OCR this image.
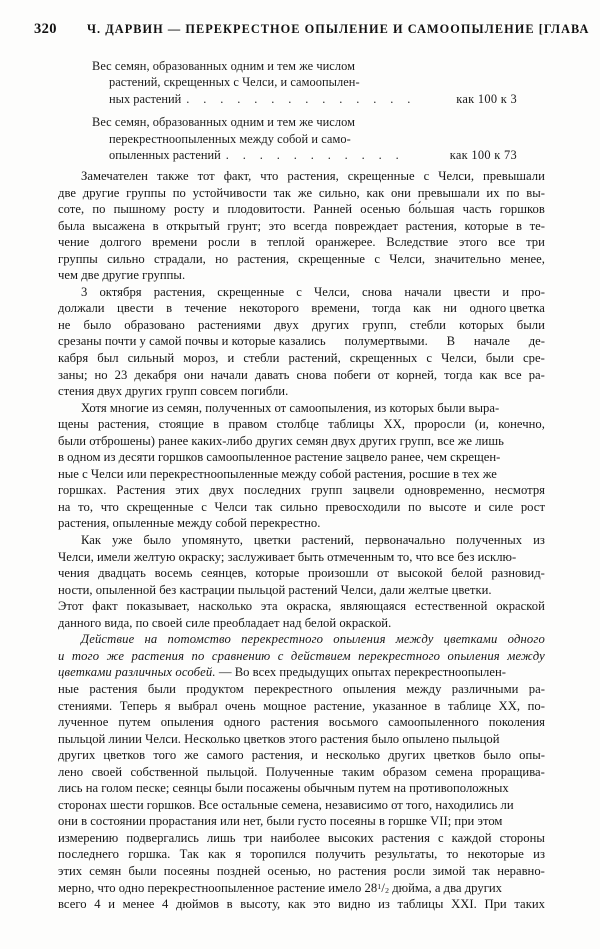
320 Ч. ДАРВИН — ПЕРЕКРЕСТНОЕ ОПЫЛЕНИЕ И САМООПЫЛЕНИЕ [ГЛАВА
Вес семян, образованных одним и тем же числом
растений, скрещенных с Челси, и самоопылен-
ных растений . . . . . . . . . . . . . .	как 100 к 3
Вес семян, образованных одним и тем же числом
перекрестноопыленных между собой и само-
опыленных растений . . . . . . . . . . .	как 100 к 73
Замечателен также тот факт, что растения, скрещенные с Челси, превышали
две другие группы по устойчивости так же сильно, как они превышали их по вы-
соте, по пышному росту и плодовитости. Ранней осенью бо́льшая часть горшков
была высажена в открытый грунт; это всегда повреждает растения, которые в те-
чение долгого времени росли в теплой оранжерее. Вследствие этого все три
группы сильно страдали, но растения, скрещенные с Челси, значительно менее,
чем две другие группы.
3 октября растения, скрещенные с Челси, снова начали цвести и про-
должали цвести в течение некоторого времени, тогда как ни одного цветка
не было образовано растениями двух других групп, стебли которых были
срезаны почти у самой почвы и которые казались полумертвыми. В начале де-
кабря был сильный мороз, и стебли растений, скрещенных с Челси, были сре-
заны; но 23 декабря они начали давать снова побеги от корней, тогда как все ра-
стения двух других групп совсем погибли.
Хотя многие из семян, полученных от самоопыления, из которых были выра-
щены растения, стоящие в правом столбце таблицы XX, проросли (и, конечно,
были отброшены) ранее каких-либо других семян двух других групп, все же лишь
в одном из десяти горшков самоопыленное растение зацвело ранее, чем скрещен-
ные с Челси или перекрестноопыленные между собой растения, росшие в тех же
горшках. Растения этих двух последних групп зацвели одновременно, несмотря
на то, что скрещенные с Челси так сильно превосходили по высоте и силе рост
растения, опыленные между собой перекрестно.
Как уже было упомянуто, цветки растений, первоначально полученных из
Челси, имели желтую окраску; заслуживает быть отмеченным то, что все без исклю-
чения двадцать восемь сеянцев, которые произошли от высокой белой разновид-
ности, опыленной без кастрации пыльцой растений Челси, дали желтые цветки.
Этот факт показывает, насколько эта окраска, являющаяся естественной окраской
данного вида, по своей силе преобладает над белой окраской.
Действие на потомство перекрестного опыления между цветками одного
и того же растения по сравнению с действием перекрестного опыления между
цветками различных особей. — Во всех предыдущих опытах перекрестноопылен-
ные растения были продуктом перекрестного опыления между различными ра-
стениями. Теперь я выбрал очень мощное растение, указанное в таблице XX, по-
лученное путем опыления одного растения восьмого самоопыленного поколения
пыльцой линии Челси. Несколько цветков этого растения было опылено пыльцой
других цветков того же самого растения, и несколько других цветков было опы-
лено своей собственной пыльцой. Полученные таким образом семена проращива-
лись на голом песке; сеянцы были посажены обычным путем на противоположных
сторонах шести горшков. Все остальные семена, независимо от того, находились ли
они в состоянии прорастания или нет, были густо посеяны в горшке VII; при этом
измерению подвергались лишь три наиболее высоких растения с каждой стороны
последнего горшка. Так как я торопился получить результаты, то некоторые из
этих семян были посеяны поздней осенью, но растения росли зимой так неравно-
мерно, что одно перекрестноопыленное растение имело $28^1/_2$ дюйма, а два других
всего 4 и менее 4 дюймов в высоту, как это видно из таблицы XXI. При таких
